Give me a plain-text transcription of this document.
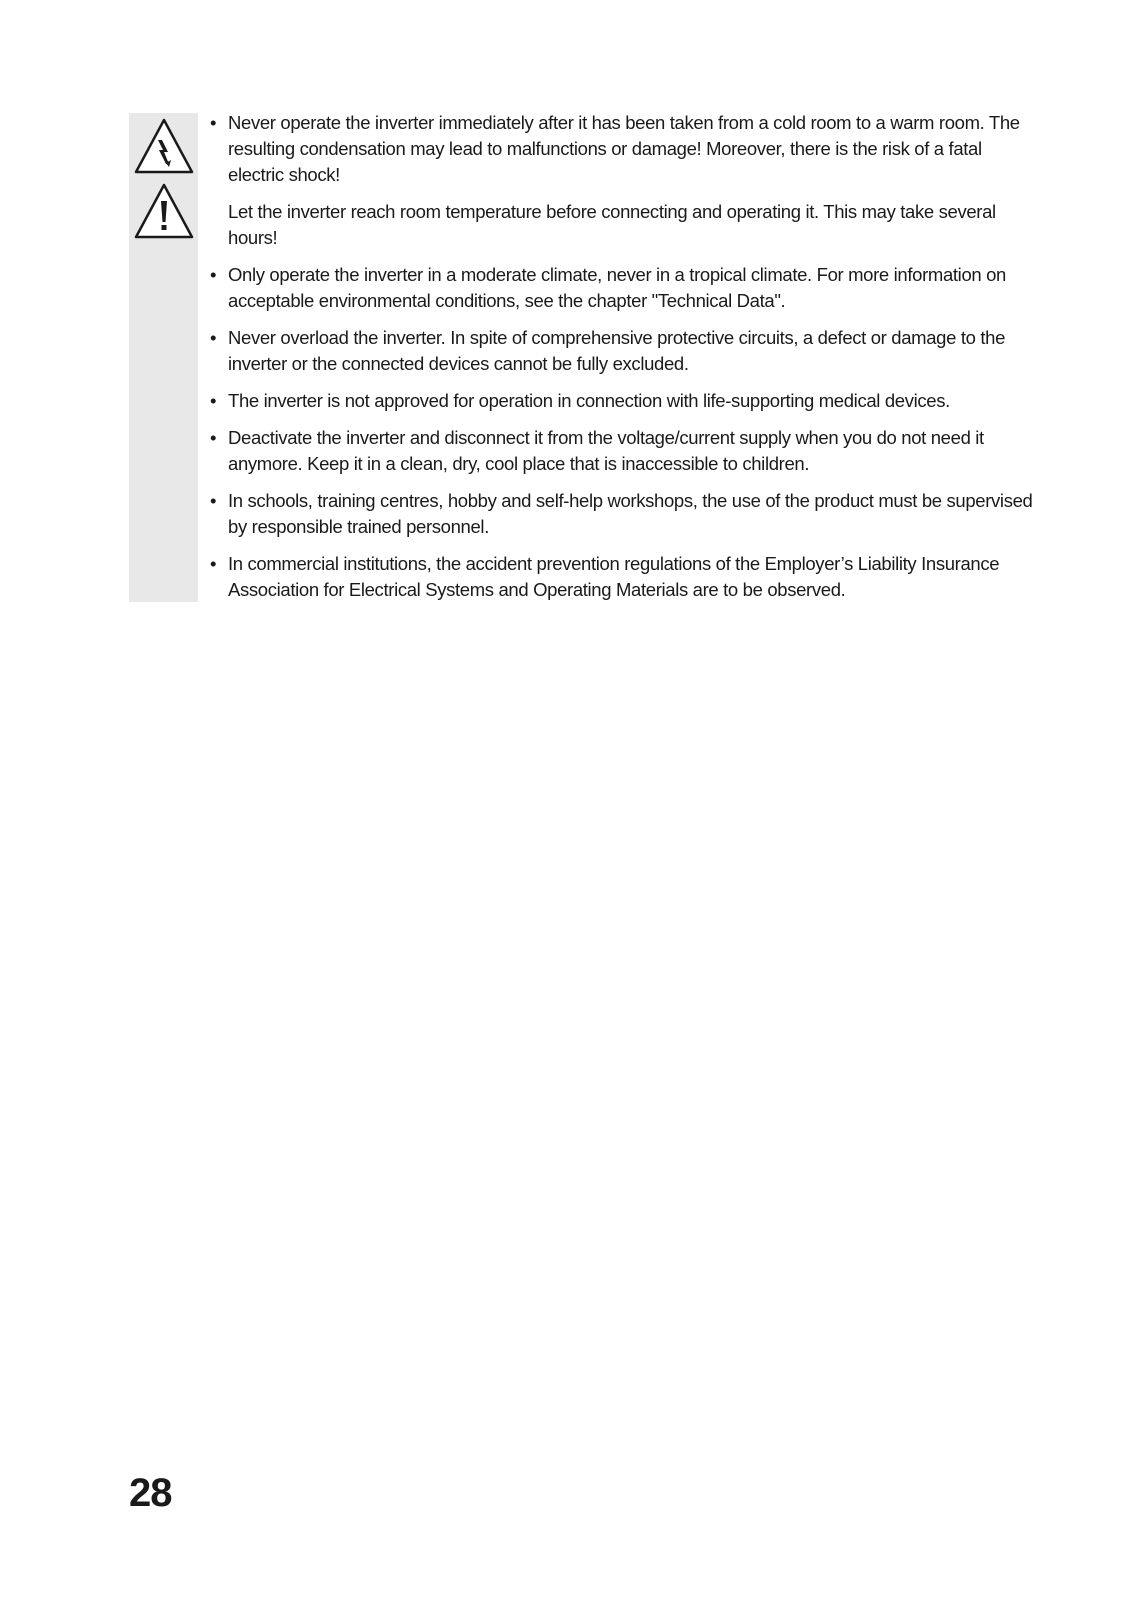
• Never operate the inverter immediately after it has been taken from a cold room to a warm room. The resulting condensation may lead to malfunctions or damage! Moreover, there is the risk of a fatal electric shock!

Let the inverter reach room temperature before connecting and operating it. This may take several hours!

• Only operate the inverter in a moderate climate, never in a tropical climate. For more information on acceptable environmental conditions, see the chapter "Technical Data".

• Never overload the inverter. In spite of comprehensive protective circuits, a defect or damage to the inverter or the connected devices cannot be fully excluded.

• The inverter is not approved for operation in connection with life-supporting medical devices.

• Deactivate the inverter and disconnect it from the voltage/current supply when you do not need it anymore. Keep it in a clean, dry, cool place that is inaccessible to children.

• In schools, training centres, hobby and self-help workshops, the use of the product must be supervised by responsible trained personnel.

• In commercial institutions, the accident prevention regulations of the Employer’s Liability Insurance Association for Electrical Systems and Operating Materials are to be observed.

28
